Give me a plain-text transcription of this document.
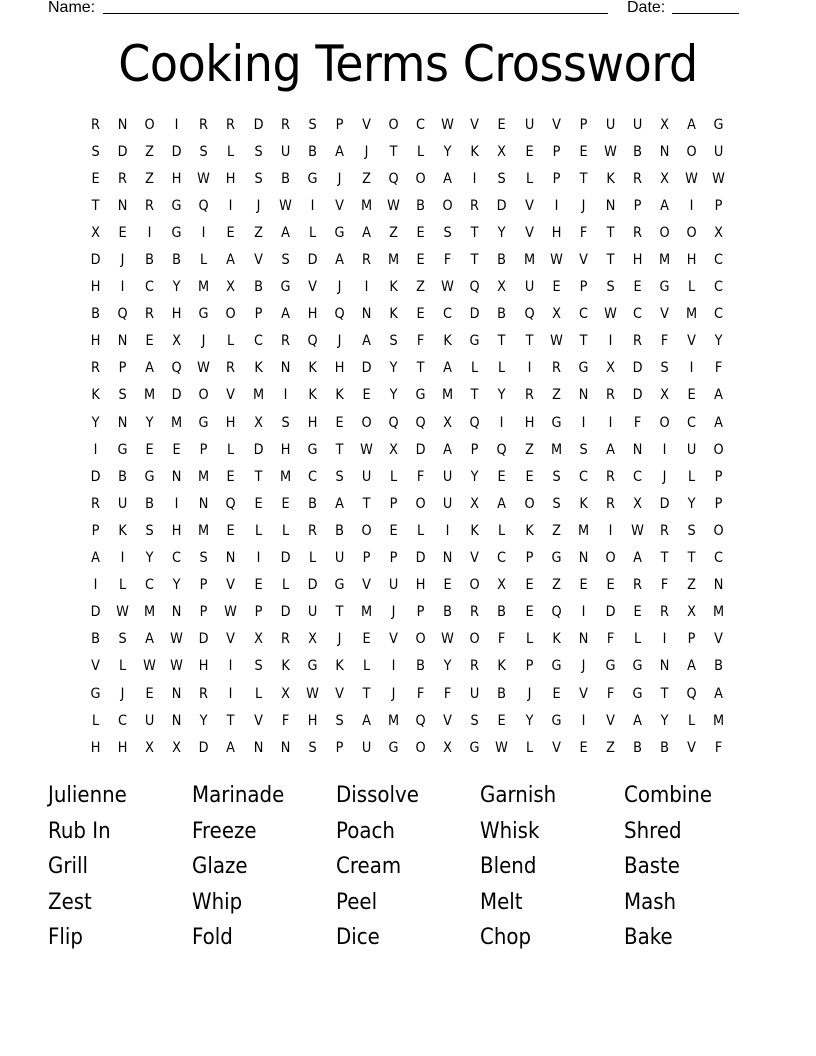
Name:	Date:
Cooking Terms Crossword
R	N	O	I	R	R	D	R	S	P	V	O	C	W	V	E	U	V	P	U	U	X	A	G
S	D	Z	D	S	L	S	U	B	A	J	T	L	Y	K	X	E	P	E	W	B	N	O	U
E	R	Z	H	W	H	S	B	G	J	Z	Q	O	A	I	S	L	P	T	K	R	X	W	W
T	N	R	G	Q	I	J	W	I	V	M	W	B	O	R	D	V	I	J	N	P	A	I	P
X	E	I	G	I	E	Z	A	L	G	A	Z	E	S	T	Y	V	H	F	T	R	O	O	X
D	J	B	B	L	A	V	S	D	A	R	M	E	F	T	B	M	W	V	T	H	M	H	C
H	I	C	Y	M	X	B	G	V	J	I	K	Z	W	Q	X	U	E	P	S	E	G	L	C
B	Q	R	H	G	O	P	A	H	Q	N	K	E	C	D	B	Q	X	C	W	C	V	M	C
H	N	E	X	J	L	C	R	Q	J	A	S	F	K	G	T	T	W	T	I	R	F	V	Y
R	P	A	Q	W	R	K	N	K	H	D	Y	T	A	L	L	I	R	G	X	D	S	I	F
K	S	M	D	O	V	M	I	K	K	E	Y	G	M	T	Y	R	Z	N	R	D	X	E	A
Y	N	Y	M	G	H	X	S	H	E	O	Q	Q	X	Q	I	H	G	I	I	F	O	C	A
I	G	E	E	P	L	D	H	G	T	W	X	D	A	P	Q	Z	M	S	A	N	I	U	O
D	B	G	N	M	E	T	M	C	S	U	L	F	U	Y	E	E	S	C	R	C	J	L	P
R	U	B	I	N	Q	E	E	B	A	T	P	O	U	X	A	O	S	K	R	X	D	Y	P
P	K	S	H	M	E	L	L	R	B	O	E	L	I	K	L	K	Z	M	I	W	R	S	O
A	I	Y	C	S	N	I	D	L	U	P	P	D	N	V	C	P	G	N	O	A	T	T	C
I	L	C	Y	P	V	E	L	D	G	V	U	H	E	O	X	E	Z	E	E	R	F	Z	N
D	W	M	N	P	W	P	D	U	T	M	J	P	B	R	B	E	Q	I	D	E	R	X	M
B	S	A	W	D	V	X	R	X	J	E	V	O	W	O	F	L	K	N	F	L	I	P	V
V	L	W	W	H	I	S	K	G	K	L	I	B	Y	R	K	P	G	J	G	G	N	A	B
G	J	E	N	R	I	L	X	W	V	T	J	F	F	U	B	J	E	V	F	G	T	Q	A
L	C	U	N	Y	T	V	F	H	S	A	M	Q	V	S	E	Y	G	I	V	A	Y	L	M
H	H	X	X	D	A	N	N	S	P	U	G	O	X	G	W	L	V	E	Z	B	B	V	F
Julienne	Marinade	Dissolve	Garnish	Combine
Rub In	Freeze	Poach	Whisk	Shred
Grill	Glaze	Cream	Blend	Baste
Zest	Whip	Peel	Melt	Mash
Flip	Fold	Dice	Chop	Bake
